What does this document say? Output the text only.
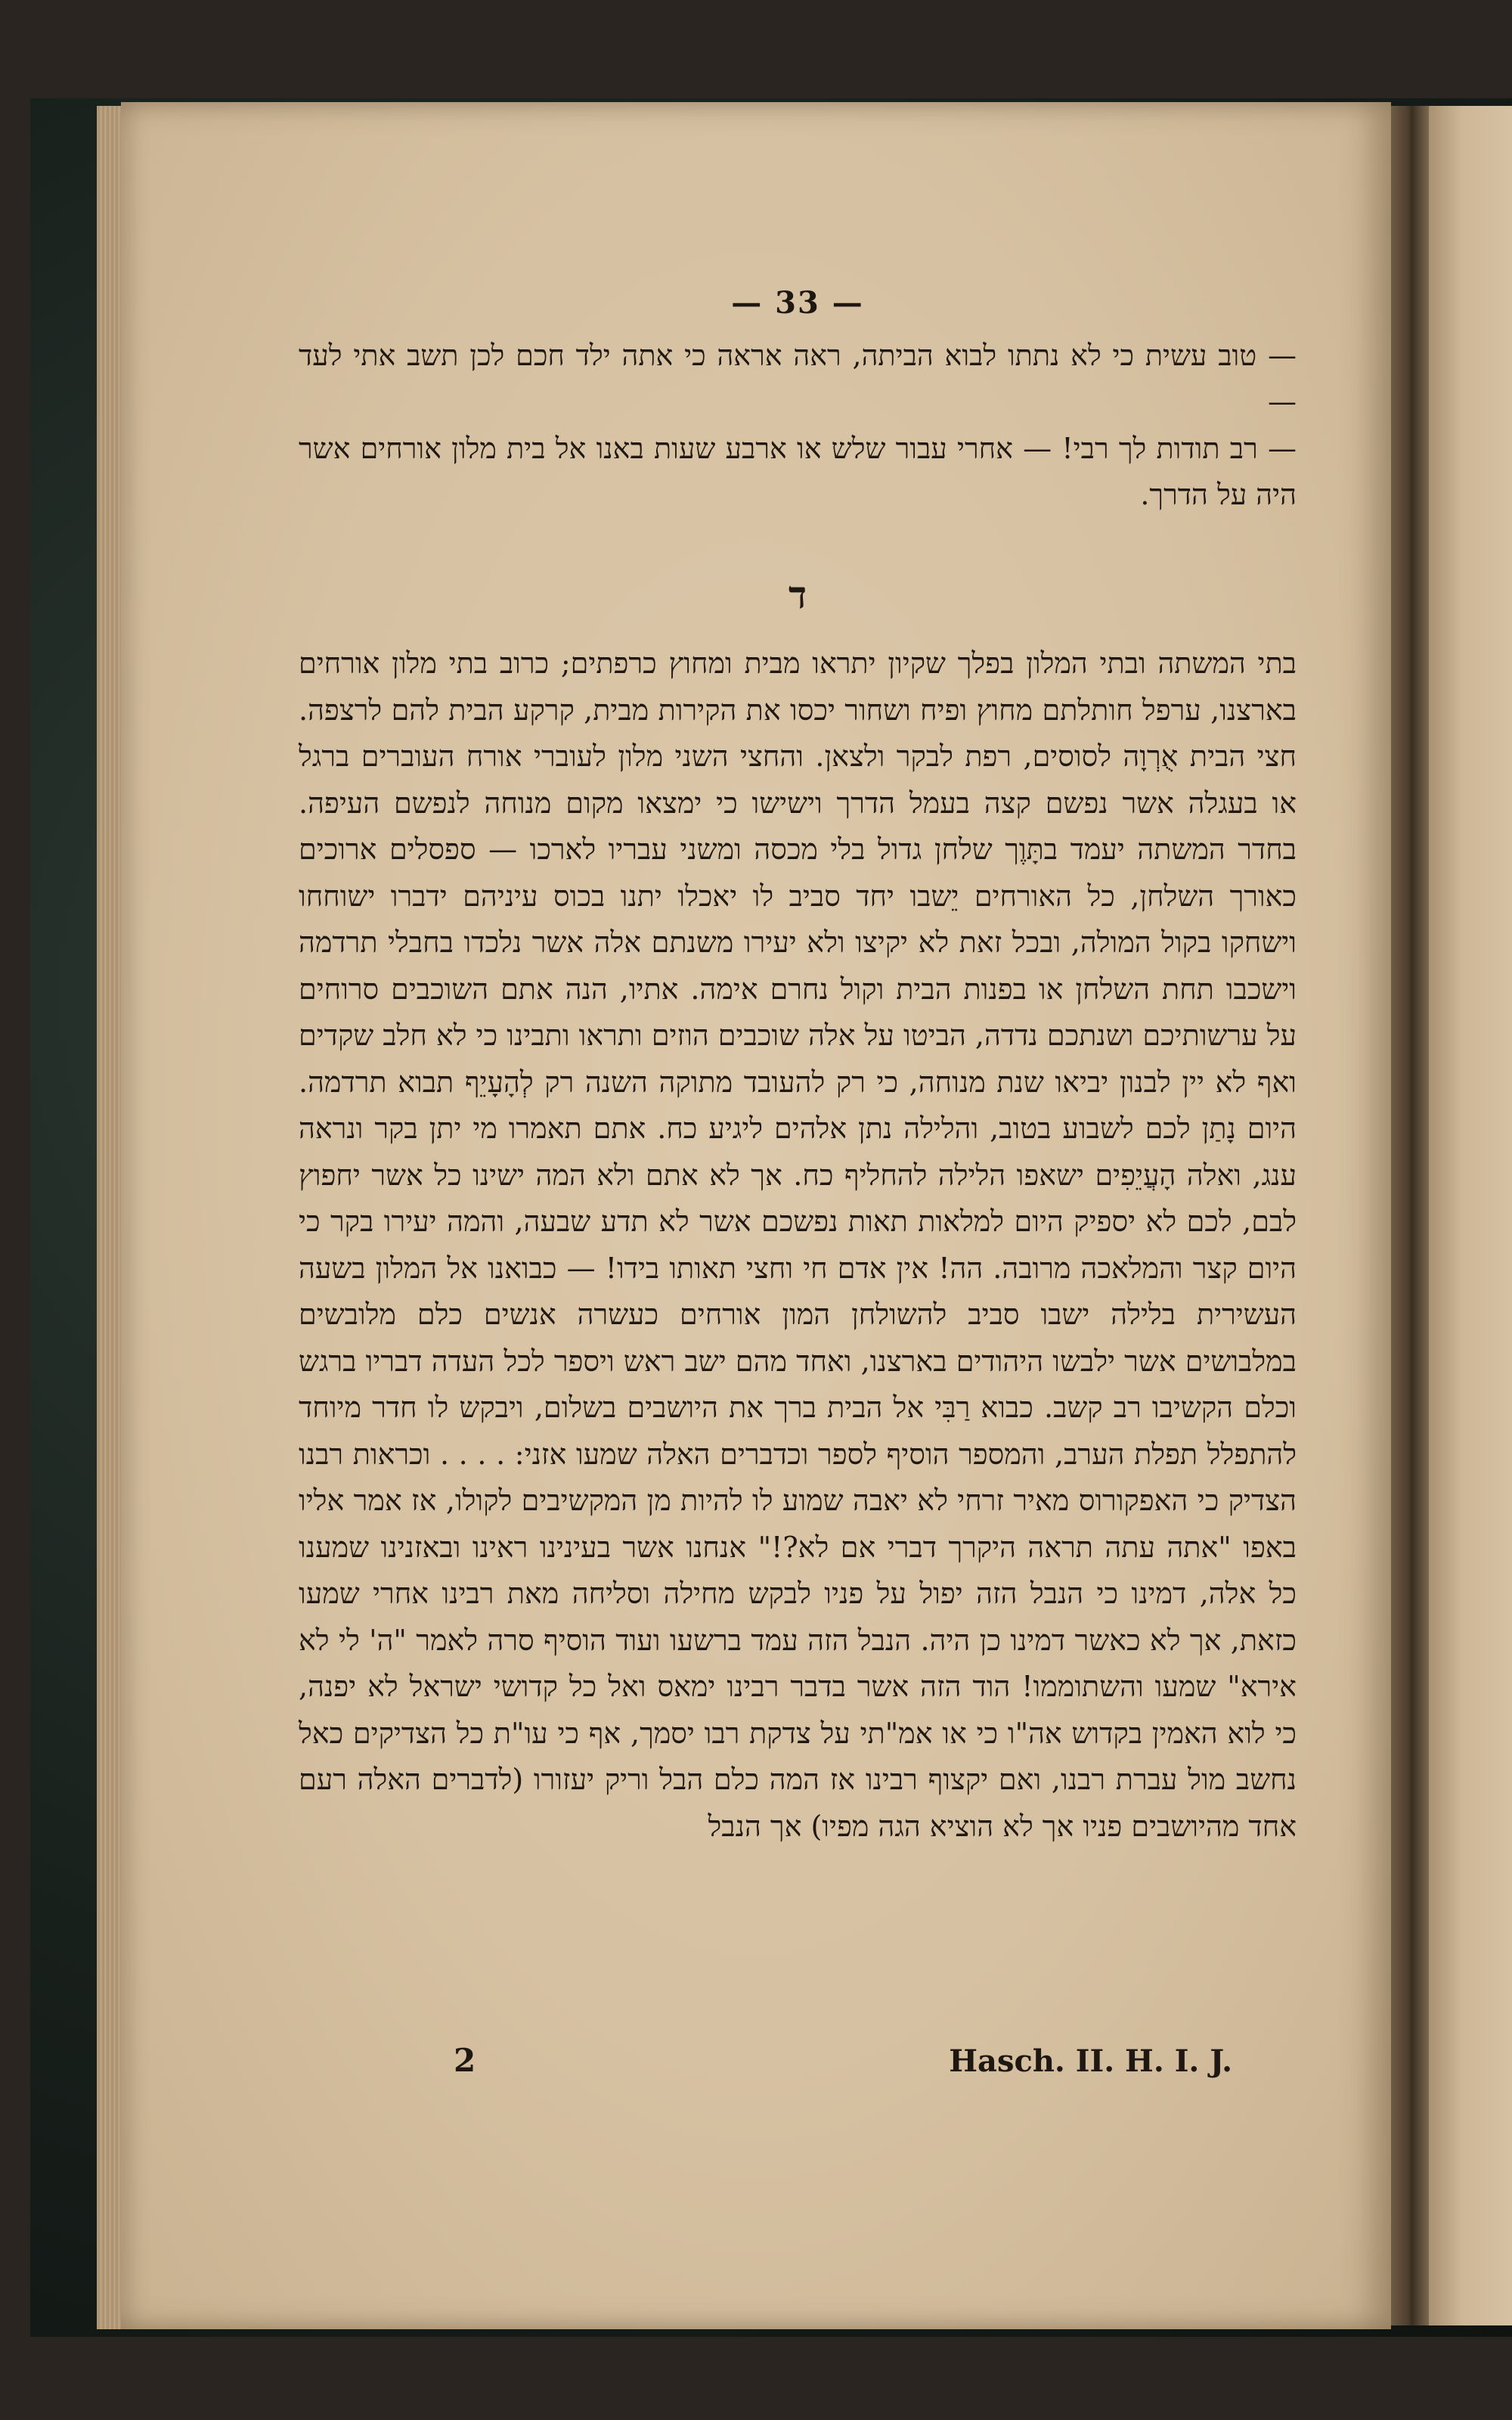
— 33 —

— טוב עשית כי לא נתתו לבוא הביתה, ראה אראה כי אתה ילד חכם לכן תשב אתי לעד —

— רב תודות לך רבי! — אחרי עבור שלש או ארבע שעות באנו אל בית מלון אורחים אשר היה על הדרך.

ד

בתי המשתה ובתי המלון בפלך שקיון יתראו מבית ומחוץ כרפתים; כרוב בתי מלון אורחים בארצנו, ערפל חותלתם מחוץ ופיח ושחור יכסו את הקירות מבית, קרקע הבית להם לרצפה. חצי הבית אֻרְוָה לסוסים, רפת לבקר ולצאן. והחצי השני מלון לעוברי אורח העוברים ברגל או בעגלה אשר נפשם קצה בעמל הדרך וישישו כי ימצאו מקום מנוחה לנפשם העיפה. בחדר המשתה יעמד בתָּוֶך שלחן גדול בלי מכסה ומשני עבריו לארכו — ספסלים ארוכים כאורך השלחן, כל האורחים יֵשבו יחד סביב לו יאכלו יתנו בכוס עיניהם ידברו ישוחחו וישחקו בקול המולה, ובכל זאת לא יקיצו ולא יעירו משנתם אלה אשר נלכדו בחבלי תרדמה וישכבו תחת השלחן או בפנות הבית וקול נחרם אימה. אתיו, הנה אתם השוכבים סרוחים על ערשותיכם ושנתכם נדדה, הביטו על אלה שוכבים הוזים ותראו ותבינו כי לא חלב שקדים ואף לא יין לבנון יביאו שנת מנוחה, כי רק להעובד מתוקה השנה רק לְהָעָיֵף תבוא תרדמה. היום נָתַן לכם לשבוע בטוב, והלילה נתן אלהים ליגיע כח. אתם תאמרו מי יתן בקר ונראה ענג, ואלה הָעֲיֵפִים ישאפו הלילה להחליף כח. אך לא אתם ולא המה ישינו כל אשר יחפוץ לבם, לכם לא יספיק היום למלאות תאות נפשכם אשר לא תדע שבעה, והמה יעירו בקר כי היום קצר והמלאכה מרובה. הה! אין אדם חי וחצי תאותו בידו! — כבואנו אל המלון בשעה העשירית בלילה ישבו סביב להשולחן המון אורחים כעשרה אנשים כלם מלובשים במלבושים אשר ילבשו היהודים בארצנו, ואחד מהם ישב ראש ויספר לכל העדה דבריו ברגש וכלם הקשיבו רב קשב. כבוא רַבִּי אל הבית ברך את היושבים בשלום, ויבקש לו חדר מיוחד להתפלל תפלת הערב, והמספר הוסיף לספר וכדברים האלה שמעו אזני: . . . . וכראות רבנו הצדיק כי האפקורוס מאיר זרחי לא יאבה שמוע לו להיות מן המקשיבים לקולו, אז אמר אליו באפו "אתה עתה תראה היקרך דברי אם לא?!" אנחנו אשר בעינינו ראינו ובאזנינו שמענו כל אלה, דמינו כי הנבל הזה יפול על פניו לבקש מחילה וסליחה מאת רבינו אחרי שמעו כזאת, אך לא כאשר דמינו כן היה. הנבל הזה עמד ברשעו ועוד הוסיף סרה לאמר "ה' לי לא אירא" שמעו והשתוממו! הוד הזה אשר בדבר רבינו ימאס ואל כל קדושי ישראל לא יפנה, כי לוא האמין בקדוש אה"ו כי או אמ"תי על צדקת רבו יסמך, אף כי עו"ת כל הצדיקים כאל נחשב מול עברת רבנו, ואם יקצוף רבינו אז המה כלם הבל וריק יעזורו (לדברים האלה רעם אחד מהיושבים פניו אך לא הוציא הגה מפיו) אך הנבל

2	Hasch. II. H. I. J.
